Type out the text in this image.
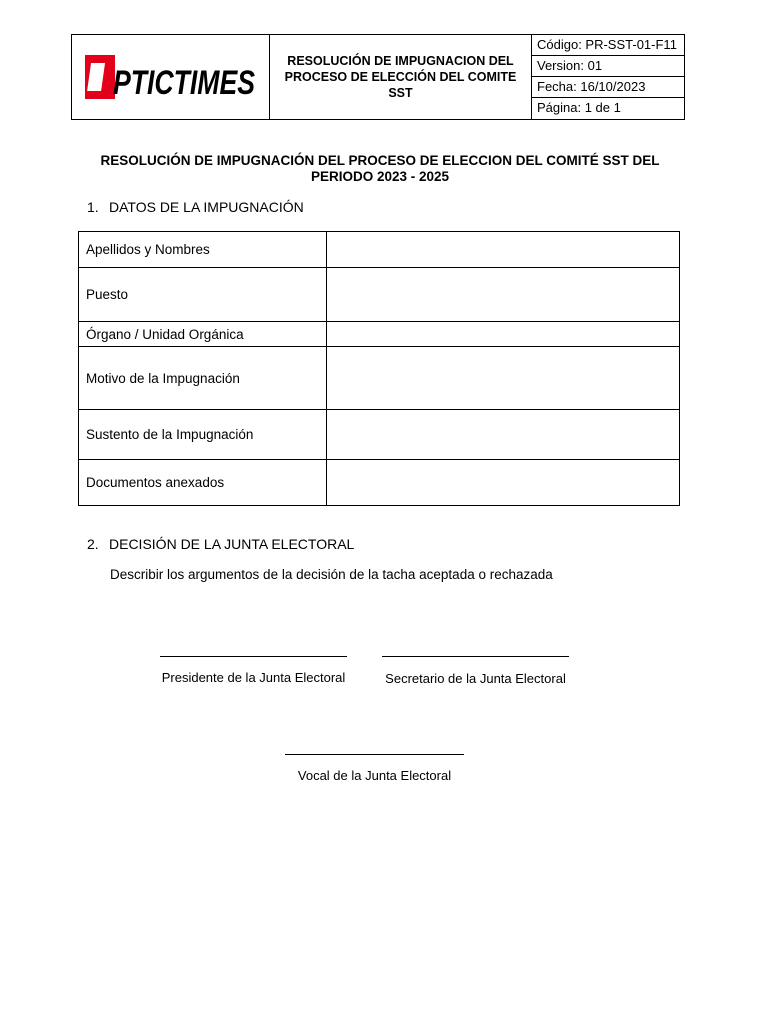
PTICTIMES
RESOLUCIÓN DE IMPUGNACION DEL PROCESO DE ELECCIÓN DEL COMITE SST
Código: PR-SST-01-F11
Version: 01
Fecha: 16/10/2023
Página: 1 de 1
RESOLUCIÓN DE IMPUGNACIÓN DEL PROCESO DE ELECCION DEL COMITÉ SST DEL PERIODO 2023 - 2025
1. DATOS DE LA IMPUGNACIÓN
Apellidos y Nombres	
Puesto	
Órgano / Unidad Orgánica	
Motivo de la Impugnación	
Sustento de la Impugnación	
Documentos anexados	
2. DECISIÓN DE LA JUNTA ELECTORAL
Describir los argumentos de la decisión de la tacha aceptada o rechazada
Presidente de la Junta Electoral	Secretario de la Junta Electoral
Vocal de la Junta Electoral
